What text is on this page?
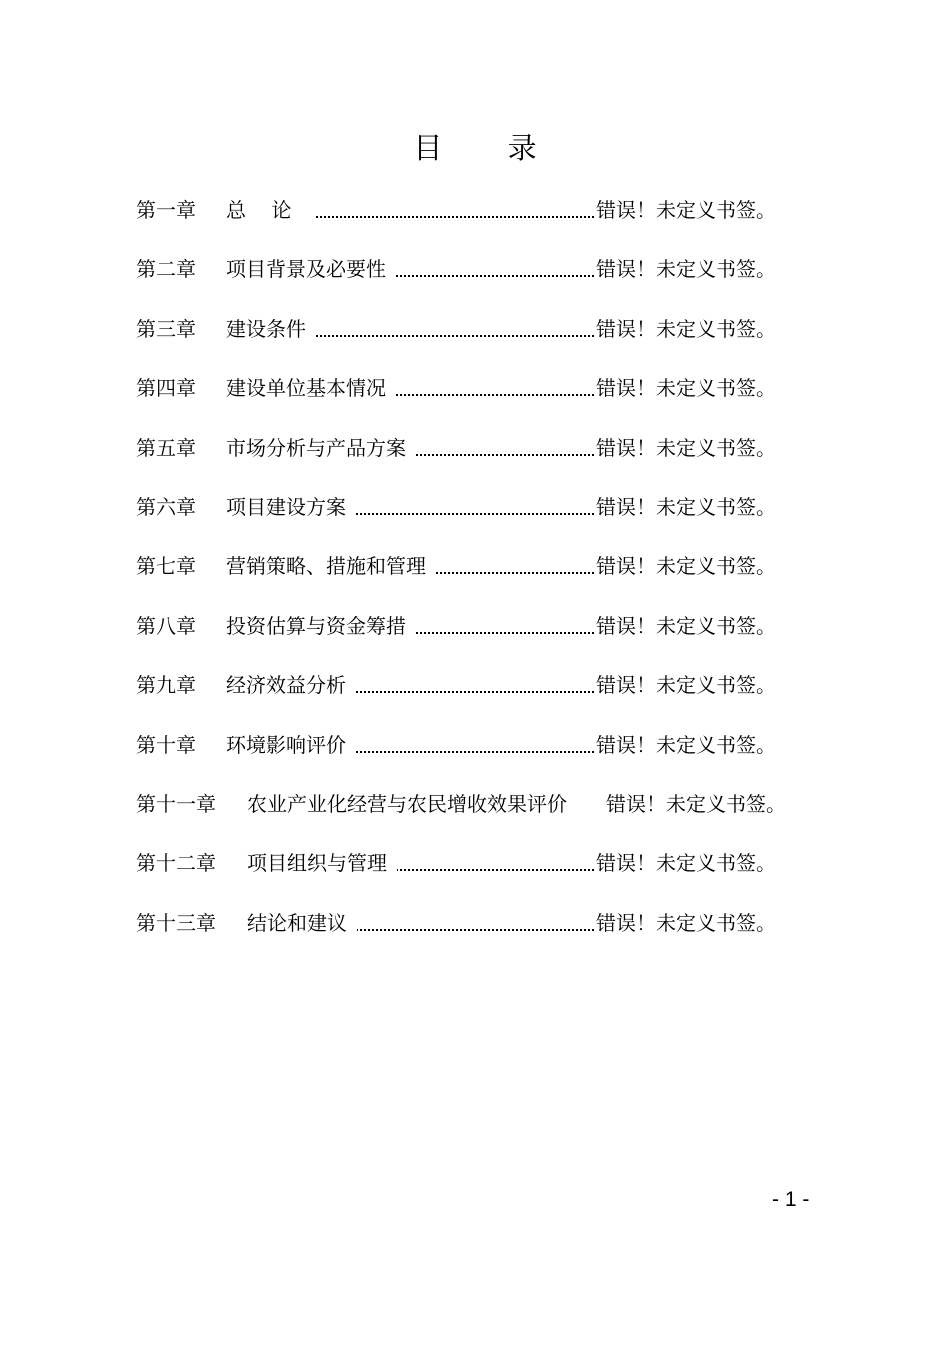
目 录
第一章 总    论	错误！未定义书签。
第二章 项目背景及必要性	错误！未定义书签。
第三章 建设条件	错误！未定义书签。
第四章 建设单位基本情况	错误！未定义书签。
第五章 市场分析与产品方案	错误！未定义书签。
第六章 项目建设方案	错误！未定义书签。
第七章 营销策略、措施和管理	错误！未定义书签。
第八章 投资估算与资金筹措	错误！未定义书签。
第九章 经济效益分析	错误！未定义书签。
第十章 环境影响评价	错误！未定义书签。
第十一章 农业产业化经营与农民增收效果评价	错误！未定义书签。
第十二章 项目组织与管理	错误！未定义书签。
第十三章 结论和建议	错误！未定义书签。
- 1 -
